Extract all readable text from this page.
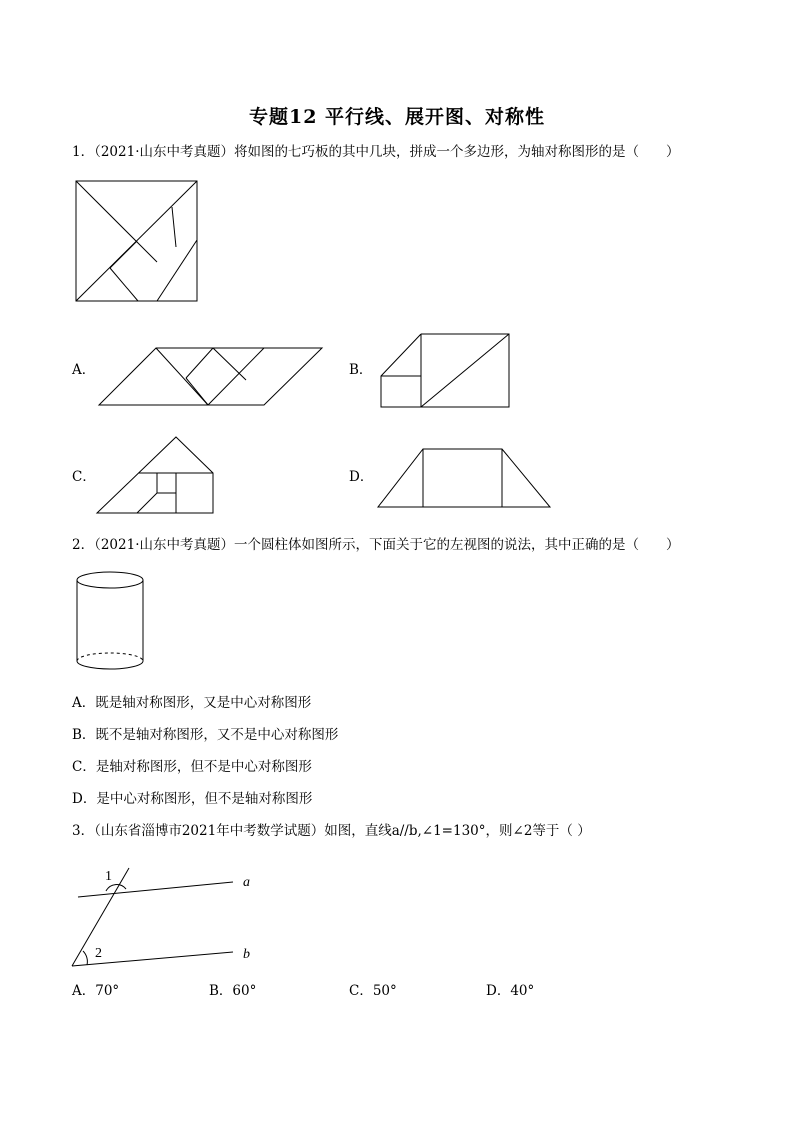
专题12 平行线、展开图、对称性
1．（2021·山东中考真题）将如图的七巧板的其中几块，拼成一个多边形，为轴对称图形的是（　　）
A．	B．
C．	D．
2．（2021·山东中考真题）一个圆柱体如图所示，下面关于它的左视图的说法，其中正确的是（　　）
A．既是轴对称图形，又是中心对称图形
B．既不是轴对称图形，又不是中心对称图形
C．是轴对称图形，但不是中心对称图形
D．是中心对称图形，但不是轴对称图形
3．（山东省淄博市2021年中考数学试题）如图，直线a//b,∠1=130°，则∠2等于（ ）
1
2
a
b
A．70°	B．60°	C．50°	D．40°
